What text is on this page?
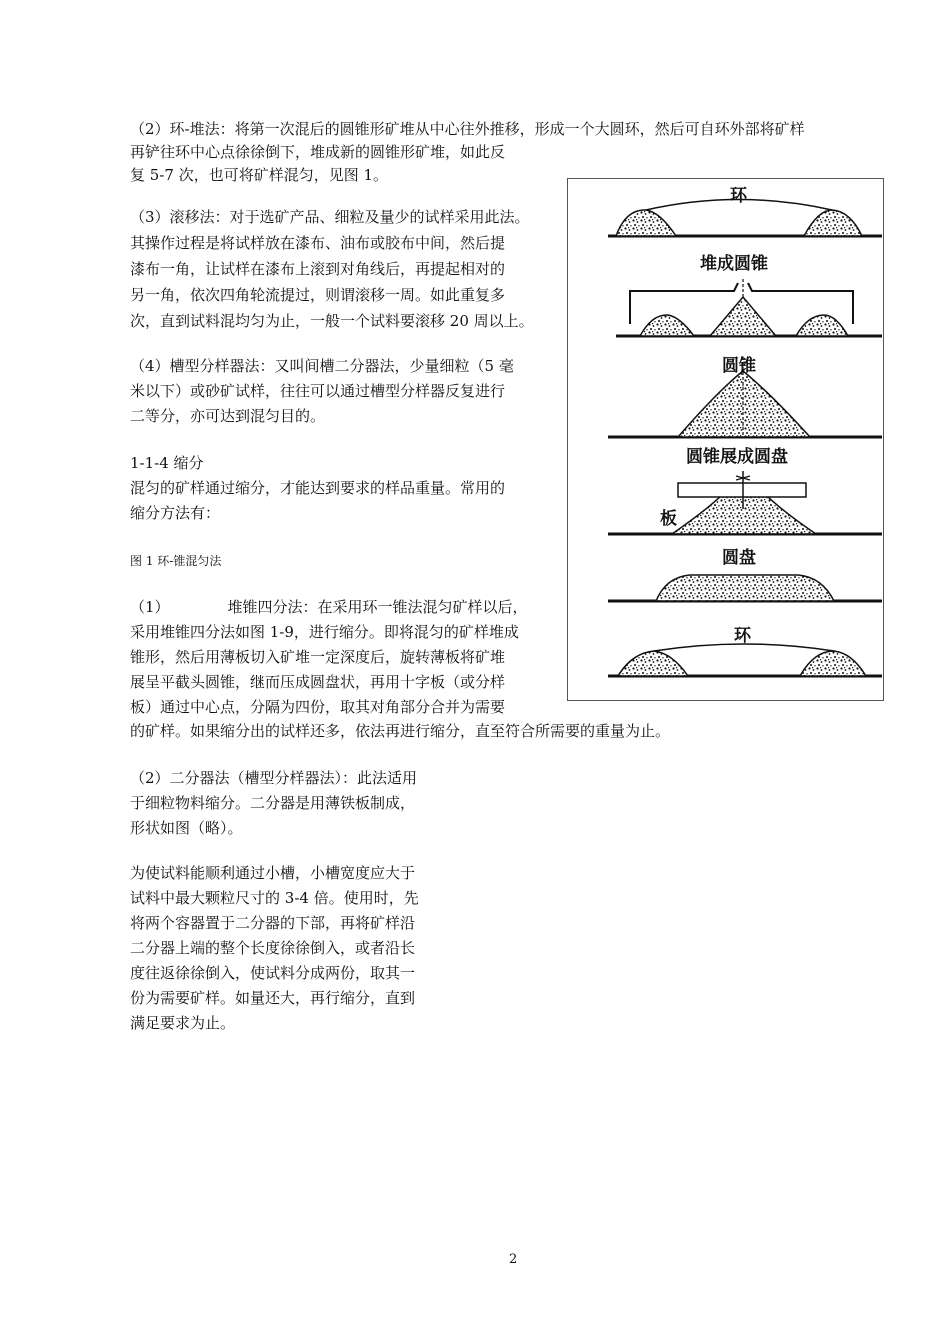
（2）环-堆法：将第一次混后的圆锥形矿堆从中心往外推移，形成一个大圆环，然后可自环外部将矿样

再铲往环中心点徐徐倒下，堆成新的圆锥形矿堆，如此反

复 5-7 次，也可将矿样混匀，见图 1。

（3）滚移法：对于选矿产品、细粒及量少的试样采用此法。

其操作过程是将试样放在漆布、油布或胶布中间，然后提

漆布一角，让试样在漆布上滚到对角线后，再提起相对的

另一角，依次四角轮流提过，则谓滚移一周。如此重复多

次，直到试料混均匀为止，一般一个试料要滚移 20 周以上。

（4）槽型分样器法：又叫间槽二分器法，少量细粒（5 毫

米以下）或砂矿试样，往往可以通过槽型分样器反复进行

二等分，亦可达到混匀目的。

1-1-4 缩分

混匀的矿样通过缩分，才能达到要求的样品重量。常用的

缩分方法有：

图 1 环-锥混匀法

（1）	堆锥四分法：在采用环一锥法混匀矿样以后，

采用堆锥四分法如图 1-9，进行缩分。即将混匀的矿样堆成

锥形，然后用薄板切入矿堆一定深度后，旋转薄板将矿堆

展呈平截头圆锥，继而压成圆盘状，再用十字板（或分样

板）通过中心点，分隔为四份，取其对角部分合并为需要

的矿样。如果缩分出的试样还多，依法再进行缩分，直至符合所需要的重量为止。

（2）二分器法（槽型分样器法）：此法适用

于细粒物料缩分。二分器是用薄铁板制成，

形状如图（略）。

为使试料能顺利通过小槽，小槽宽度应大于

试料中最大颗粒尺寸的 3-4 倍。使用时，先

将两个容器置于二分器的下部，再将矿样沿

二分器上端的整个长度徐徐倒入，或者沿长

度往返徐徐倒入，使试料分成两份，取其一

份为需要矿样。如量还大，再行缩分，直到

满足要求为止。

环
堆成圆锥
圆锥
圆锥展成圆盘
板
圆盘
环
2
